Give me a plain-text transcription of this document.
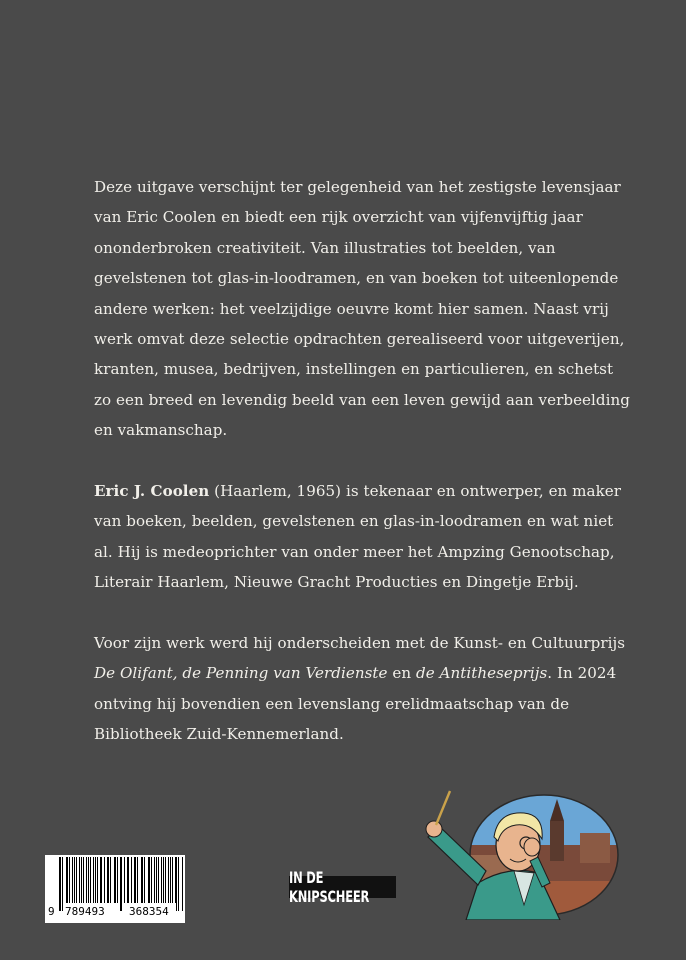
Deze uitgave verschijnt ter gelegenheid van het zestigste levensjaar van Eric Coolen en biedt een rijk overzicht van vijfenvijftig jaar ononderbroken creativiteit. Van illustraties tot beelden, van gevelstenen tot glas-in-loodramen, en van boeken tot uiteenlopende andere werken: het veelzijdige oeuvre komt hier samen. Naast vrij werk omvat deze selectie opdrachten gerealiseerd voor uitgeverijen, kranten, musea, bedrijven, instellingen en particulieren, en schetst zo een breed en levendig beeld van een leven gewijd aan verbeelding en vakmanschap.

Eric J. Coolen (Haarlem, 1965) is tekenaar en ontwerper, en maker van boeken, beelden, gevelstenen en glas-in-loodramen en wat niet al. Hij is medeoprichter van onder meer het Ampzing Genootschap, Literair Haarlem, Nieuwe Gracht Producties en Dingetje Erbij.

Voor zijn werk werd hij onderscheiden met de Kunst- en Cultuurprijs De Olifant, de Penning van Verdienste en de Antitheseprijs. In 2024 ontving hij bovendien een levenslang erelidmaatschap van de Bibliotheek Zuid-Kennemerland.

9 789493 368354
IN DE KNIPSCHEER
